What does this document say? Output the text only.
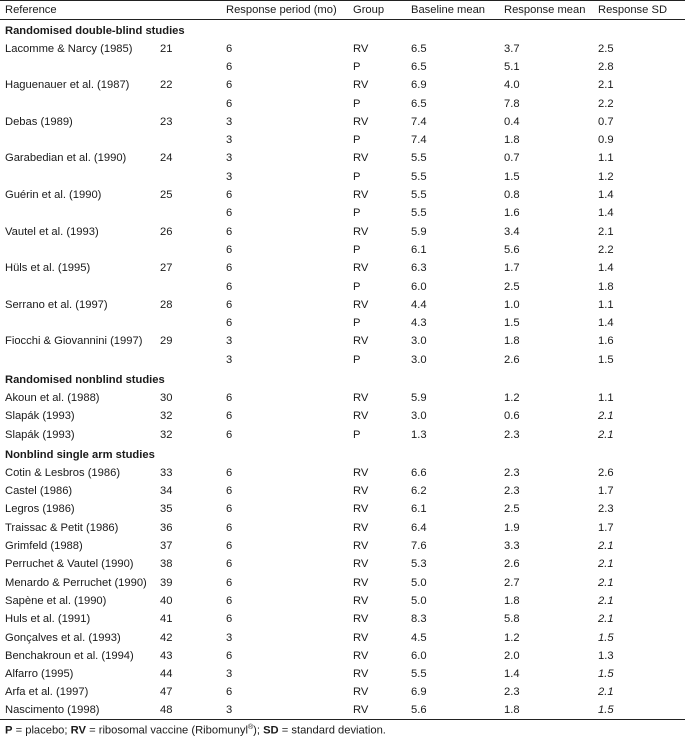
Reference		Response period (mo)	Group	Baseline mean	Response mean	Response SD
Randomised double-blind studies						
Lacomme & Narcy (1985)	21	6	RV	6.5	3.7	2.5
		6	P	6.5	5.1	2.8
Haguenauer et al. (1987)	22	6	RV	6.9	4.0	2.1
		6	P	6.5	7.8	2.2
Debas (1989)	23	3	RV	7.4	0.4	0.7
		3	P	7.4	1.8	0.9
Garabedian et al. (1990)	24	3	RV	5.5	0.7	1.1
		3	P	5.5	1.5	1.2
Guérin et al. (1990)	25	6	RV	5.5	0.8	1.4
		6	P	5.5	1.6	1.4
Vautel et al. (1993)	26	6	RV	5.9	3.4	2.1
		6	P	6.1	5.6	2.2
Hüls et al. (1995)	27	6	RV	6.3	1.7	1.4
		6	P	6.0	2.5	1.8
Serrano et al. (1997)	28	6	RV	4.4	1.0	1.1
		6	P	4.3	1.5	1.4
Fiocchi & Giovannini (1997)	29	3	RV	3.0	1.8	1.6
		3	P	3.0	2.6	1.5
Randomised nonblind studies						
Akoun et al. (1988)	30	6	RV	5.9	1.2	1.1
Slapák (1993)	32	6	RV	3.0	0.6	2.1
Slapák (1993)	32	6	P	1.3	2.3	2.1
Nonblind single arm studies						
Cotin & Lesbros (1986)	33	6	RV	6.6	2.3	2.6
Castel (1986)	34	6	RV	6.2	2.3	1.7
Legros (1986)	35	6	RV	6.1	2.5	2.3
Traissac & Petit (1986)	36	6	RV	6.4	1.9	1.7
Grimfeld (1988)	37	6	RV	7.6	3.3	2.1
Perruchet & Vautel (1990)	38	6	RV	5.3	2.6	2.1
Menardo & Perruchet (1990)	39	6	RV	5.0	2.7	2.1
Sapène et al. (1990)	40	6	RV	5.0	1.8	2.1
Huls et al. (1991)	41	6	RV	8.3	5.8	2.1
Gonçalves et al. (1993)	42	3	RV	4.5	1.2	1.5
Benchakroun et al. (1994)	43	6	RV	6.0	2.0	1.3
Alfarro (1995)	44	3	RV	5.5	1.4	1.5
Arfa et al. (1997)	47	6	RV	6.9	2.3	2.1
Nascimento (1998)	48	3	RV	5.6	1.8	1.5
P = placebo; RV = ribosomal vaccine (Ribomunyl®); SD = standard deviation.
